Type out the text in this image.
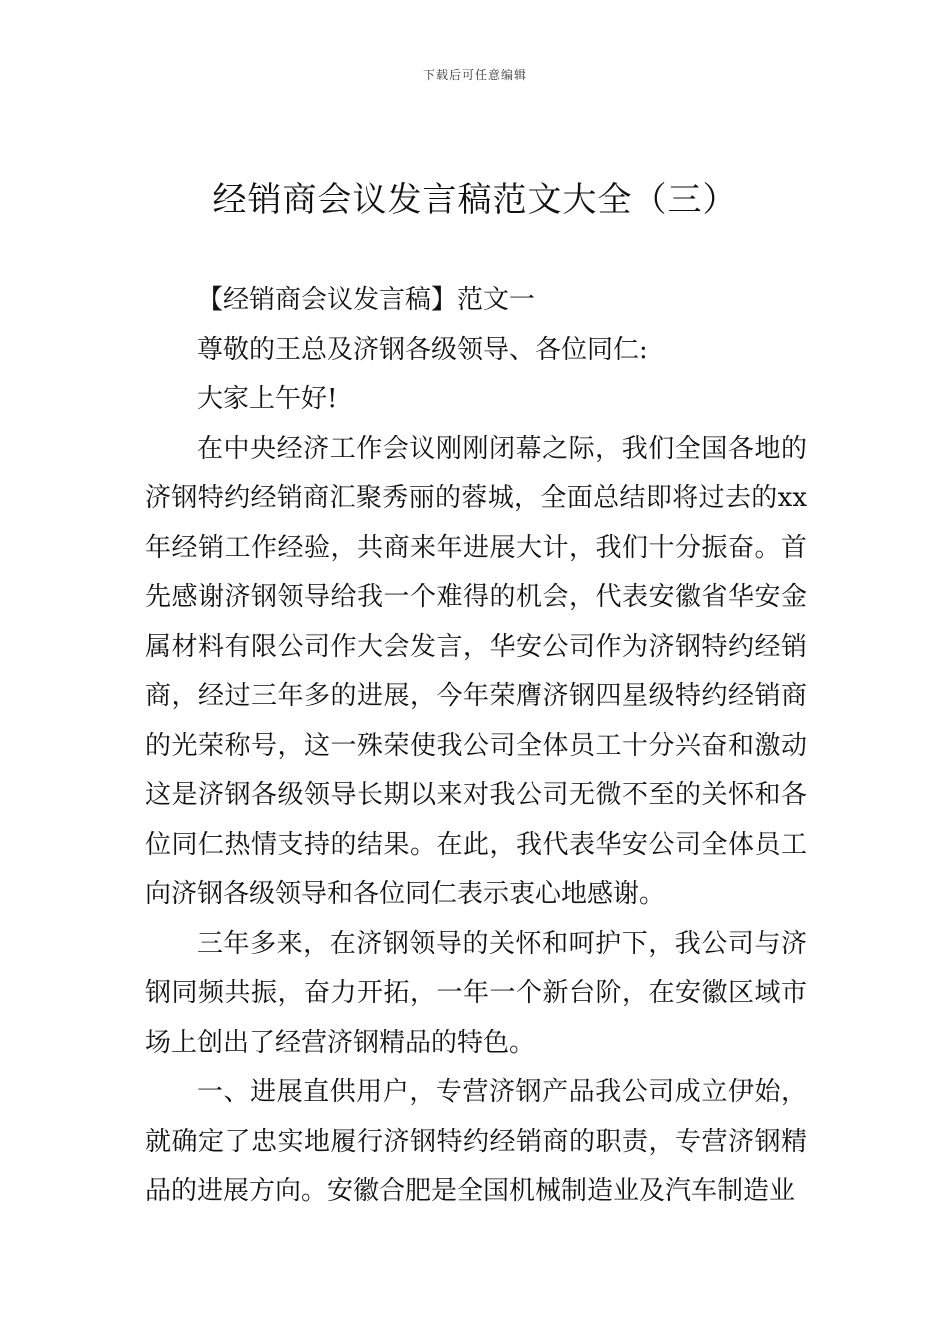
下载后可任意编辑
经销商会议发言稿范文大全（三）

【经销商会议发言稿】范文一

尊敬的王总及济钢各级领导、各位同仁:

大家上午好!

在中央经济工作会议刚刚闭幕之际，我们全国各地的济钢特约经销商汇聚秀丽的蓉城，全面总结即将过去的xx年经销工作经验，共商来年进展大计，我们十分振奋。首先感谢济钢领导给我一个难得的机会，代表安徽省华安金属材料有限公司作大会发言，华安公司作为济钢特约经销商，经过三年多的进展，今年荣膺济钢四星级特约经销商的光荣称号，这一殊荣使我公司全体员工十分兴奋和激动这是济钢各级领导长期以来对我公司无微不至的关怀和各位同仁热情支持的结果。在此，我代表华安公司全体员工向济钢各级领导和各位同仁表示衷心地感谢。

三年多来，在济钢领导的关怀和呵护下，我公司与济钢同频共振，奋力开拓，一年一个新台阶，在安徽区域市场上创出了经营济钢精品的特色。

一、进展直供用户，专营济钢产品我公司成立伊始，就确定了忠实地履行济钢特约经销商的职责，专营济钢精品的进展方向。安徽合肥是全国机械制造业及汽车制造业
